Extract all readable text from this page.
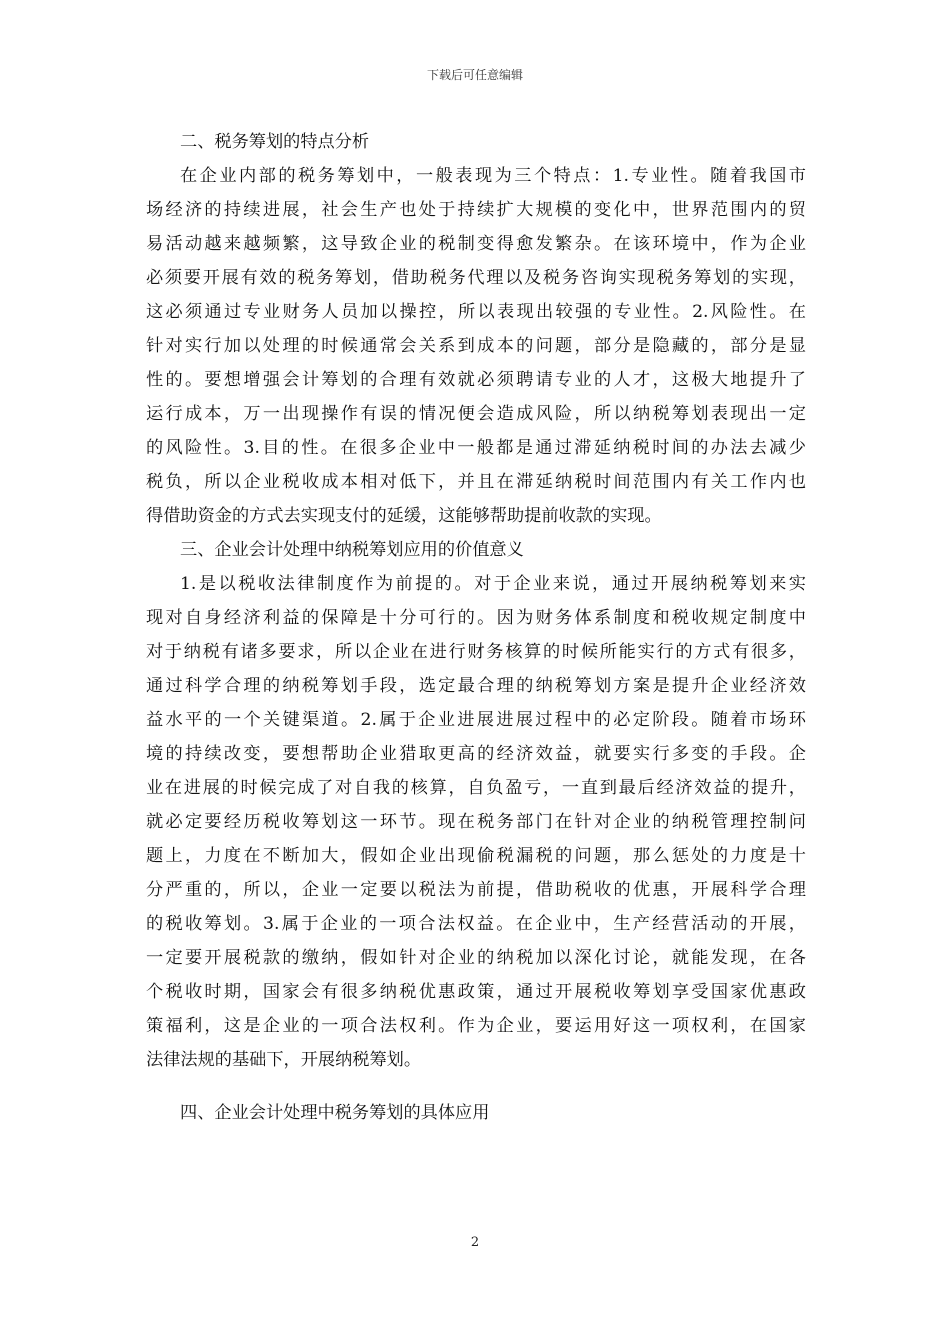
下载后可任意编辑
二、税务筹划的特点分析
在企业内部的税务筹划中，一般表现为三个特点：1.专业性。随着我国市
场经济的持续进展，社会生产也处于持续扩大规模的变化中，世界范围内的贸
易活动越来越频繁，这导致企业的税制变得愈发繁杂。在该环境中，作为企业
必须要开展有效的税务筹划，借助税务代理以及税务咨询实现税务筹划的实现，
这必须通过专业财务人员加以操控，所以表现出较强的专业性。2.风险性。在
针对实行加以处理的时候通常会关系到成本的问题，部分是隐藏的，部分是显
性的。要想增强会计筹划的合理有效就必须聘请专业的人才，这极大地提升了
运行成本，万一出现操作有误的情况便会造成风险，所以纳税筹划表现出一定
的风险性。3.目的性。在很多企业中一般都是通过滞延纳税时间的办法去减少
税负，所以企业税收成本相对低下，并且在滞延纳税时间范围内有关工作内也
得借助资金的方式去实现支付的延缓，这能够帮助提前收款的实现。
三、企业会计处理中纳税筹划应用的价值意义
1.是以税收法律制度作为前提的。对于企业来说，通过开展纳税筹划来实
现对自身经济利益的保障是十分可行的。因为财务体系制度和税收规定制度中
对于纳税有诸多要求，所以企业在进行财务核算的时候所能实行的方式有很多，
通过科学合理的纳税筹划手段，选定最合理的纳税筹划方案是提升企业经济效
益水平的一个关键渠道。2.属于企业进展进展过程中的必定阶段。随着市场环
境的持续改变，要想帮助企业猎取更高的经济效益，就要实行多变的手段。企
业在进展的时候完成了对自我的核算，自负盈亏，一直到最后经济效益的提升，
就必定要经历税收筹划这一环节。现在税务部门在针对企业的纳税管理控制问
题上，力度在不断加大，假如企业出现偷税漏税的问题，那么惩处的力度是十
分严重的，所以，企业一定要以税法为前提，借助税收的优惠，开展科学合理
的税收筹划。3.属于企业的一项合法权益。在企业中，生产经营活动的开展，
一定要开展税款的缴纳，假如针对企业的纳税加以深化讨论，就能发现，在各
个税收时期，国家会有很多纳税优惠政策，通过开展税收筹划享受国家优惠政
策福利，这是企业的一项合法权利。作为企业，要运用好这一项权利，在国家
法律法规的基础下，开展纳税筹划。
四、企业会计处理中税务筹划的具体应用
2
